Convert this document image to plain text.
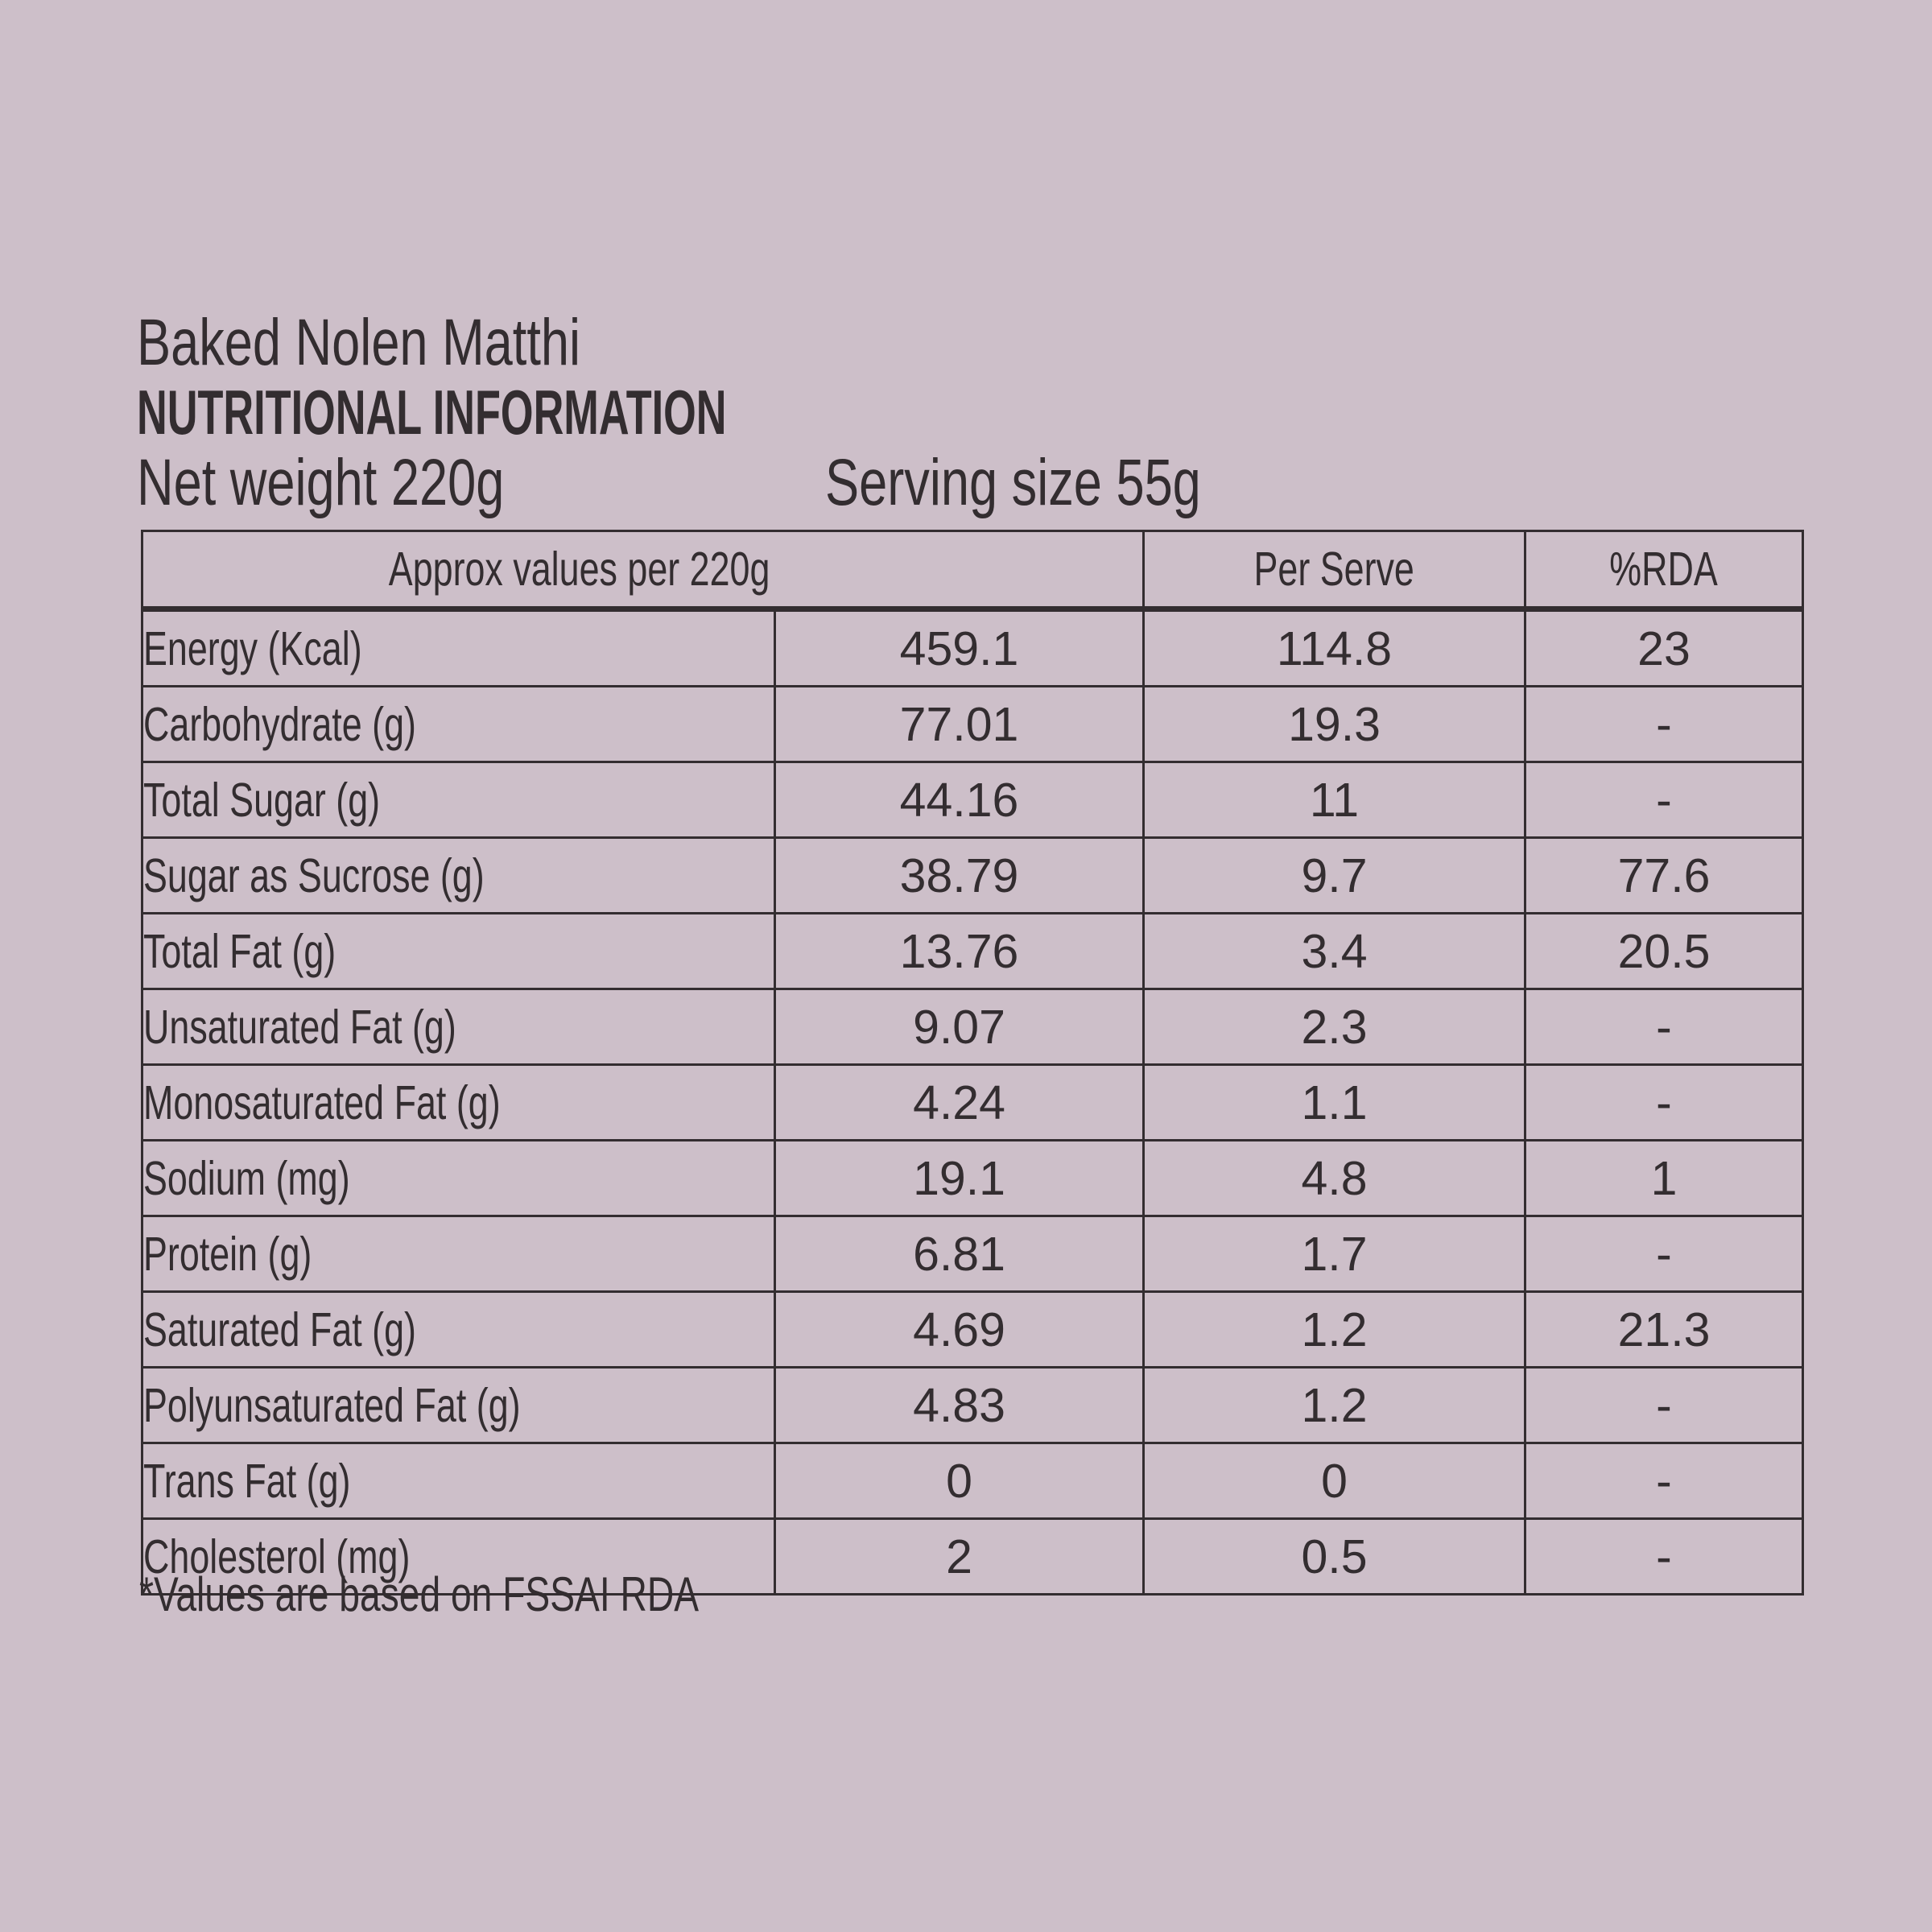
Baked Nolen Matthi
NUTRITIONAL INFORMATION
Net weight 220g	Serving size 55g
Approx values per 220g		Per Serve	%RDA
Energy (Kcal)	459.1	114.8	23
Carbohydrate (g)	77.01	19.3	-
Total Sugar (g)	44.16	11	-
Sugar as Sucrose (g)	38.79	9.7	77.6
Total Fat (g)	13.76	3.4	20.5
Unsaturated Fat (g)	9.07	2.3	-
Monosaturated Fat (g)	4.24	1.1	-
Sodium (mg)	19.1	4.8	1
Protein (g)	6.81	1.7	-
Saturated Fat (g)	4.69	1.2	21.3
Polyunsaturated Fat (g)	4.83	1.2	-
Trans Fat (g)	0	0	-
Cholesterol (mg)	2	0.5	-
*Values are based on FSSAI RDA
